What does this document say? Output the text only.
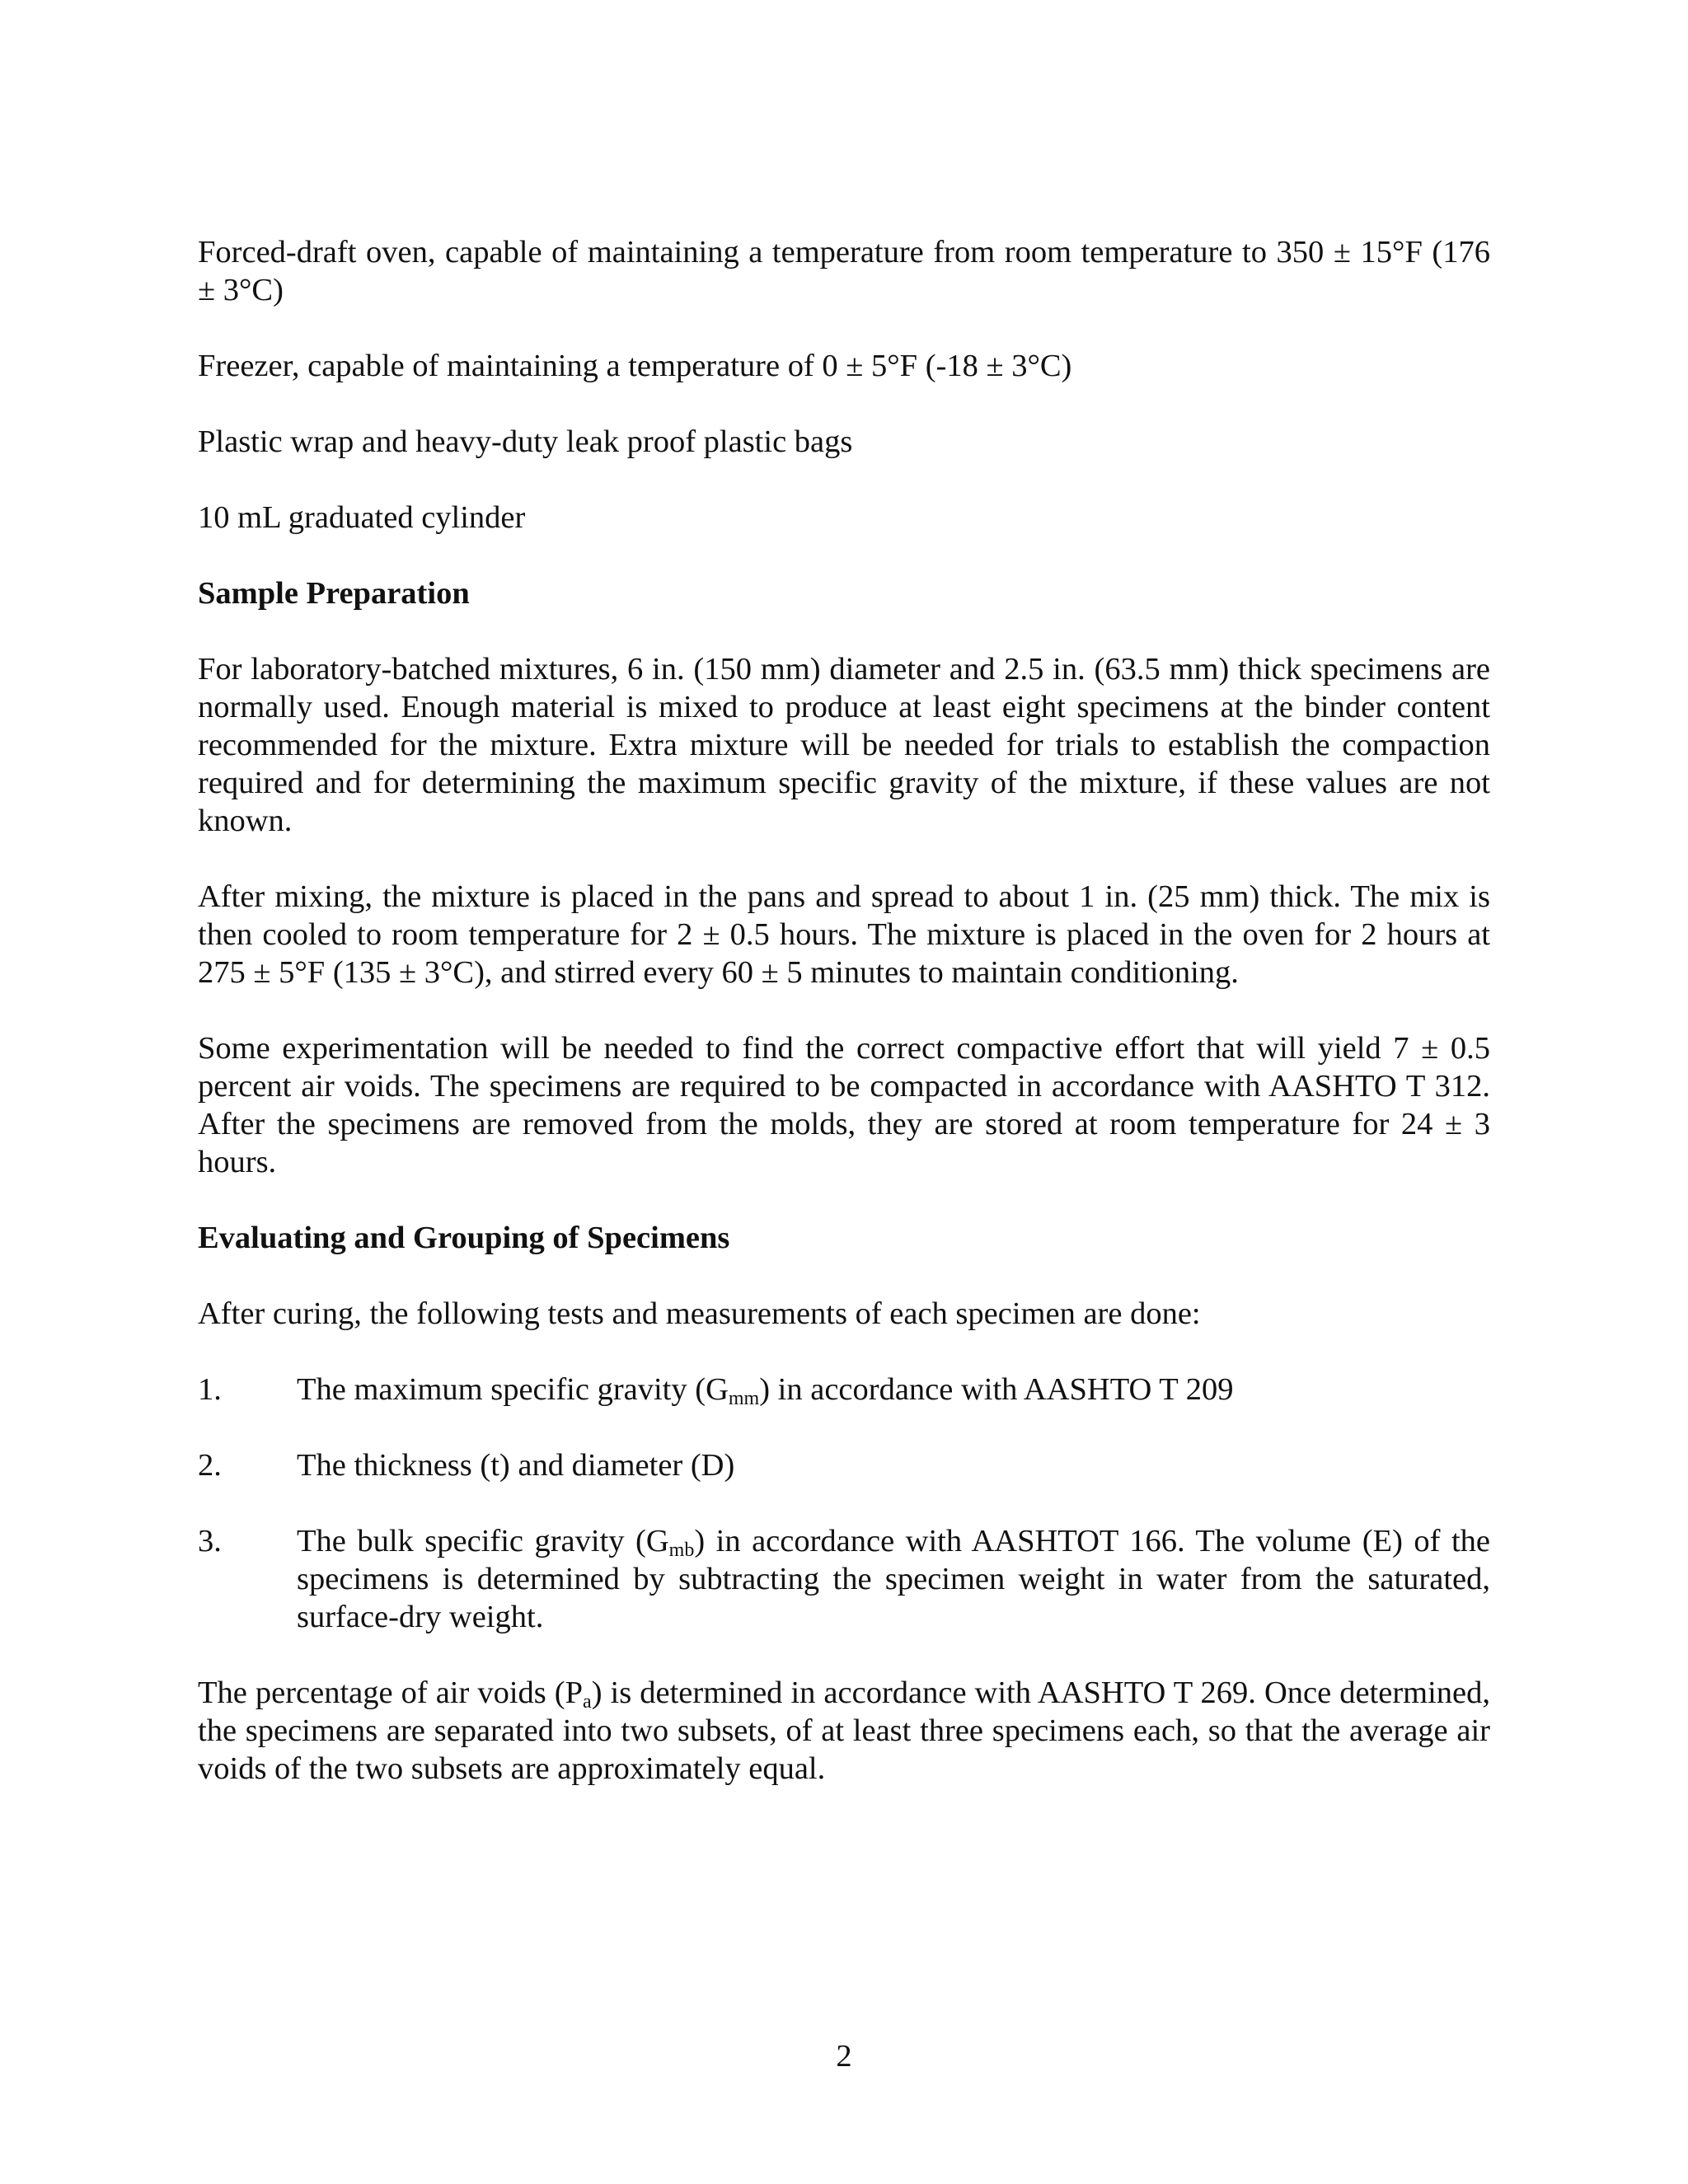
Forced-draft oven, capable of maintaining a temperature from room temperature to 350 ± 15°F (176 ± 3°C)

Freezer, capable of maintaining a temperature of 0 ± 5°F (-18 ± 3°C)

Plastic wrap and heavy-duty leak proof plastic bags

10 mL graduated cylinder

Sample Preparation

For laboratory-batched mixtures, 6 in. (150 mm) diameter and 2.5 in. (63.5 mm) thick specimens are normally used. Enough material is mixed to produce at least eight specimens at the binder content recommended for the mixture. Extra mixture will be needed for trials to establish the compaction required and for determining the maximum specific gravity of the mixture, if these values are not known.

After mixing, the mixture is placed in the pans and spread to about 1 in. (25 mm) thick. The mix is then cooled to room temperature for 2 ± 0.5 hours. The mixture is placed in the oven for 2 hours at 275 ± 5°F (135 ± 3°C), and stirred every 60 ± 5 minutes to maintain conditioning.

Some experimentation will be needed to find the correct compactive effort that will yield 7 ± 0.5 percent air voids. The specimens are required to be compacted in accordance with AASHTO T 312. After the specimens are removed from the molds, they are stored at room temperature for 24 ± 3 hours.

Evaluating and Grouping of Specimens

After curing, the following tests and measurements of each specimen are done:

1.	The maximum specific gravity $(G_{mm})$ in accordance with AASHTO T 209
2.	The thickness (t) and diameter (D)
3.	The bulk specific gravity $(G_{mb})$ in accordance with AASHTOT 166. The volume (E) of the specimens is determined by subtracting the specimen weight in water from the saturated, surface-dry weight.

The percentage of air voids $(P_a)$ is determined in accordance with AASHTO T 269. Once determined, the specimens are separated into two subsets, of at least three specimens each, so that the average air voids of the two subsets are approximately equal.

2
